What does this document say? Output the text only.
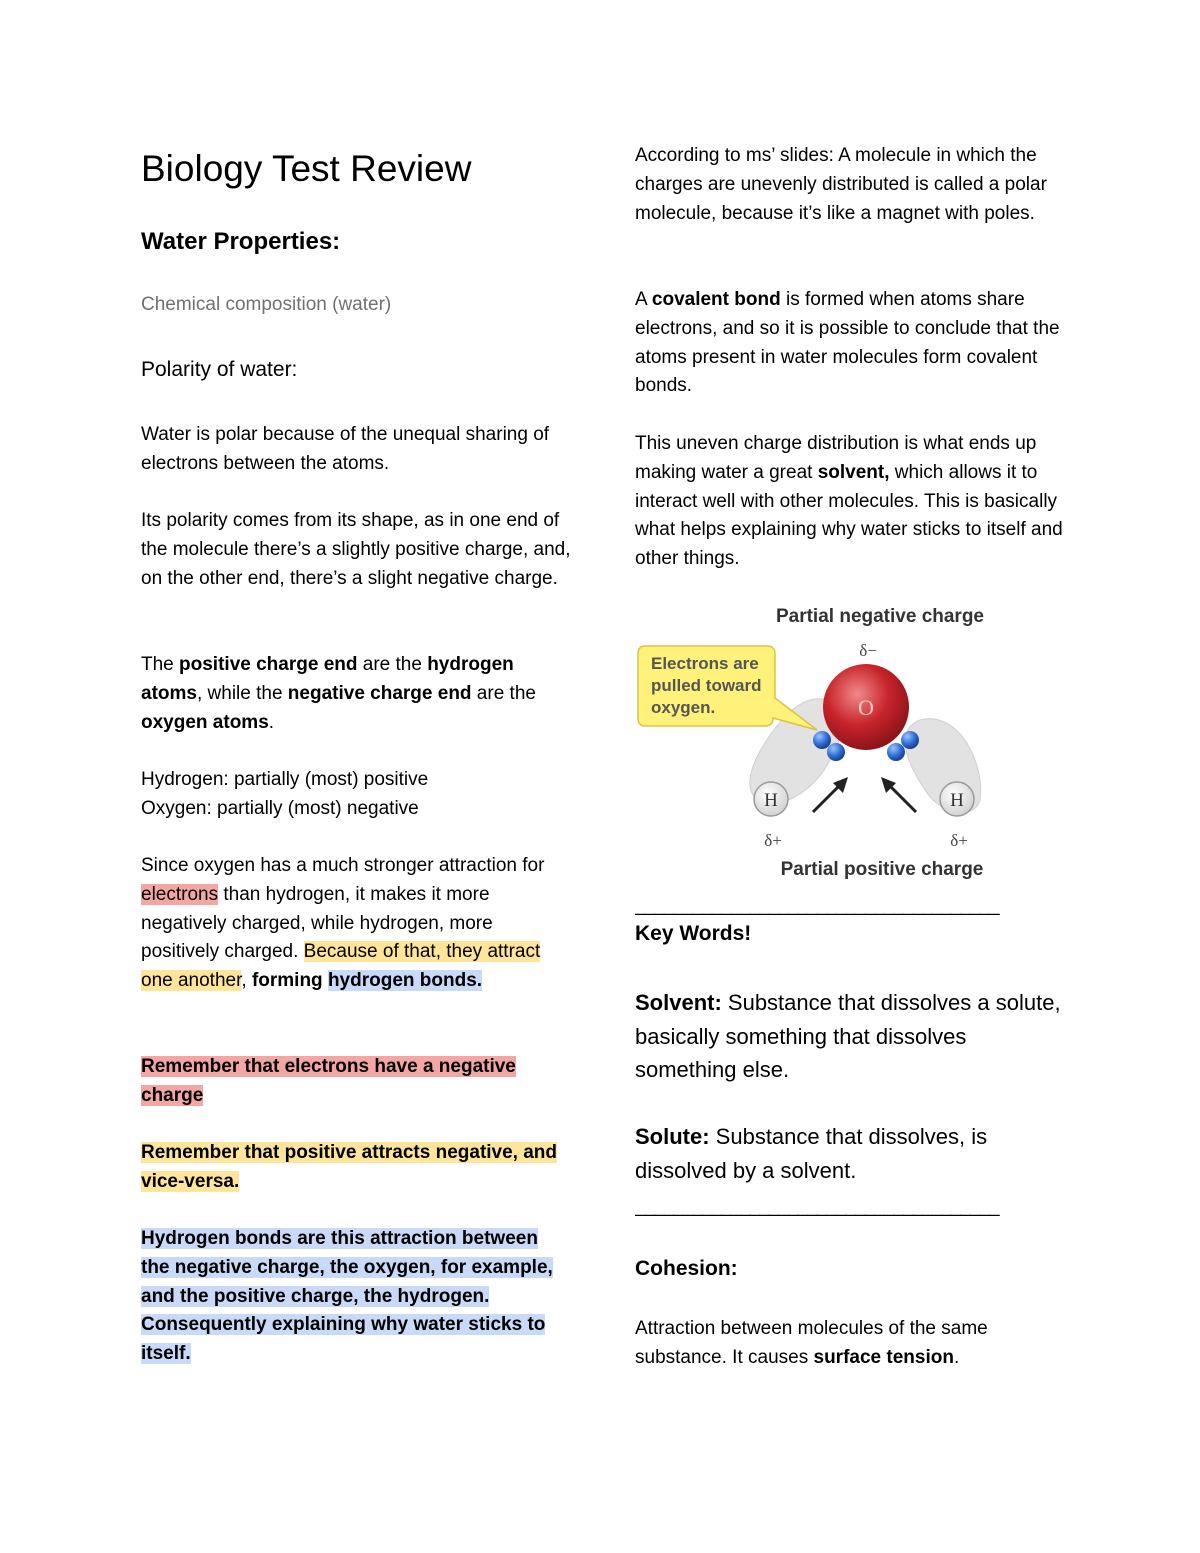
Biology Test Review
Water Properties:
Chemical composition (water)
Polarity of water:

Water is polar because of the unequal sharing of electrons between the atoms.

Its polarity comes from its shape, as in one end of the molecule there’s a slightly positive charge, and, on the other end, there’s a slight negative charge.

The positive charge end are the hydrogen atoms, while the negative charge end are the oxygen atoms.

Hydrogen: partially (most) positive
Oxygen: partially (most) negative

Since oxygen has a much stronger attraction for electrons than hydrogen, it makes it more negatively charged, while hydrogen, more positively charged. Because of that, they attract one another, forming hydrogen bonds.

Remember that electrons have a negative charge

Remember that positive attracts negative, and vice-versa.

Hydrogen bonds are this attraction between the negative charge, the oxygen, for example, and the positive charge, the hydrogen.
Consequently explaining why water sticks to itself.

According to ms’ slides: A molecule in which the charges are unevenly distributed is called a polar molecule, because it’s like a magnet with poles.

A covalent bond is formed when atoms share electrons, and so it is possible to conclude that the atoms present in water molecules form covalent bonds.

This uneven charge distribution is what ends up making water a great solvent, which allows it to interact well with other molecules. This is basically what helps explaining why water sticks to itself and other things.

Partial negative charge
δ−
Electrons are
pulled toward
oxygen.	O
H	H
δ+	δ+
Partial positive charge
______________________________________
Key Words!

Solvent: Substance that dissolves a solute, basically something that dissolves something else.

Solute: Substance that dissolves, is dissolved by a solvent.

______________________________________
Cohesion:

Attraction between molecules of the same substance. It causes surface tension.
